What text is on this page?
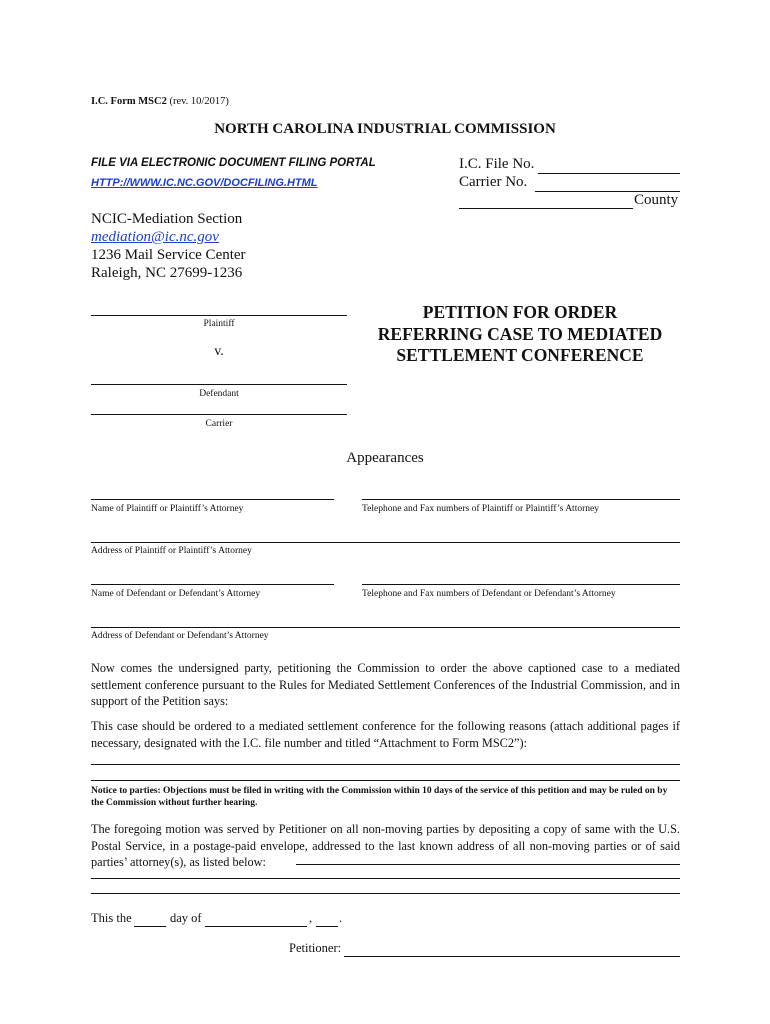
I.C. Form MSC2 (rev. 10/2017)
NORTH CAROLINA INDUSTRIAL COMMISSION
FILE VIA ELECTRONIC DOCUMENT FILING PORTAL
HTTP://WWW.IC.NC.GOV/DOCFILING.HTML
I.C. File No.
Carrier No.
County
NCIC-Mediation Section
mediation@ic.nc.gov
1236 Mail Service Center
Raleigh, NC 27699-1236
Plaintiff
v.
Defendant
Carrier
PETITION FOR ORDER
REFERRING CASE TO MEDIATED
SETTLEMENT CONFERENCE
Appearances
Name of Plaintiff or Plaintiff’s Attorney	Telephone and Fax numbers of Plaintiff or Plaintiff’s Attorney
Address of Plaintiff or Plaintiff’s Attorney
Name of Defendant or Defendant’s Attorney	Telephone and Fax numbers of Defendant or Defendant’s Attorney
Address of Defendant or Defendant’s Attorney
Now comes the undersigned party, petitioning the Commission to order the above captioned case to a mediated settlement conference pursuant to the Rules for Mediated Settlement Conferences of the Industrial Commission, and in support of the Petition says:
This case should be ordered to a mediated settlement conference for the following reasons (attach additional pages if necessary, designated with the I.C. file number and titled “Attachment to Form MSC2”):
Notice to parties: Objections must be filed in writing with the Commission within 10 days of the service of this petition and may be ruled on by the Commission without further hearing.
The foregoing motion was served by Petitioner on all non-moving parties by depositing a copy of same with the U.S. Postal Service, in a postage-paid envelope, addressed to the last known address of all non-moving parties or of said parties’ attorney(s), as listed below:
This the	day of	, .
Petitioner:
